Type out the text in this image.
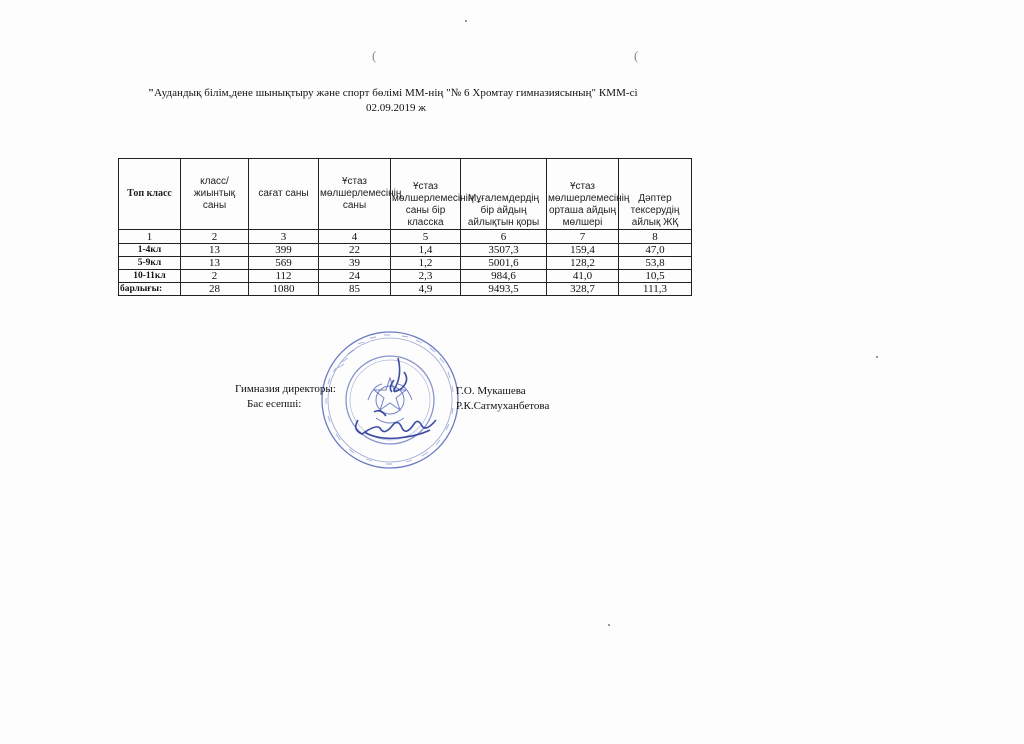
(	(
"Аудандық білім,дене шынықтыру және спорт бөлімі ММ-нің "№ 6 Хромтау гимназиясының" КММ-сі
02.09.2019 ж
Топ класс	класс/жиынтық саны	сағат саны	Ұстаз мөлшерлемесінің саны	Ұстаз мөлшерлемесінің саны бір класска	Мұғалемдердің бір айдың айлықтын қоры	Ұстаз мөлшерлемесінің орташа айдың мөлшері	Дәптер тексерудің айлық ЖҚ
1	2	3	4	5	6	7	8
1-4кл	13	399	22	1,4	3507,3	159,4	47,0
5-9кл	13	569	39	1,2	5001,6	128,2	53,8
10-11кл	2	112	24	2,3	984,6	41,0	10,5
барлығы:	28	1080	85	4,9	9493,5	328,7	111,3
Гимназия директоры:	Г.О. Мукашева
Бас есепші:	Р.К.Сатмуханбетова
